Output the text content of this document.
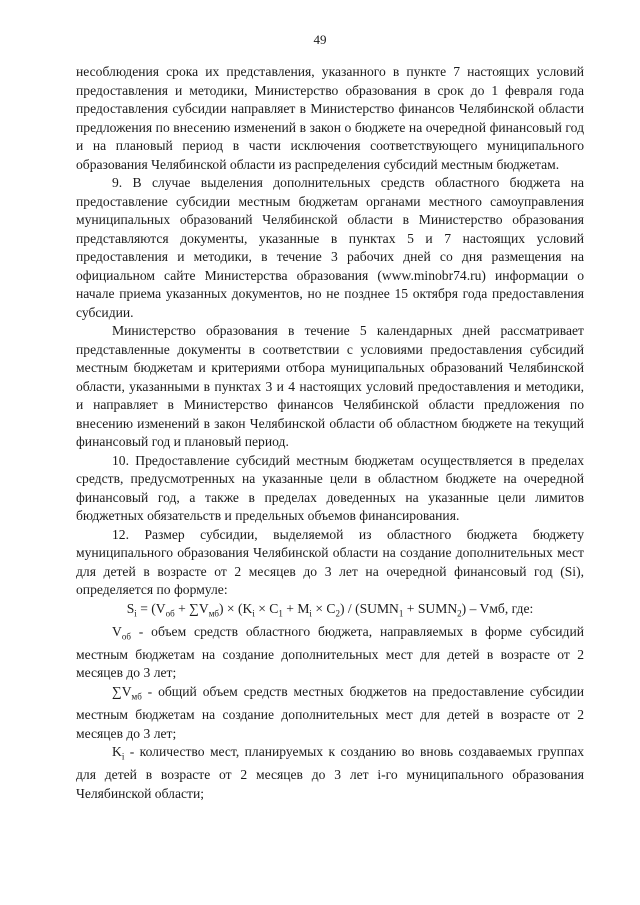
49

несоблюдения срока их представления, указанного в пункте 7 настоящих условий предоставления и методики, Министерство образования в срок до 1 февраля года предоставления субсидии направляет в Министерство финансов Челябинской области предложения по внесению изменений в закон о бюджете на очередной финансовый год и на плановый период в части исключения соответствующего муниципального образования Челябинской области из распределения субсидий местным бюджетам.

9. В случае выделения дополнительных средств областного бюджета на предоставление субсидии местным бюджетам органами местного самоуправления муниципальных образований Челябинской области в Министерство образования представляются документы, указанные в пунктах 5 и 7 настоящих условий предоставления и методики, в течение 3 рабочих дней со дня размещения на официальном сайте Министерства образования (www.minobr74.ru) информации о начале приема указанных документов, но не позднее 15 октября года предоставления субсидии.

Министерство образования в течение 5 календарных дней рассматривает представленные документы в соответствии с условиями предоставления субсидий местным бюджетам и критериями отбора муниципальных образований Челябинской области, указанными в пунктах 3 и 4 настоящих условий предоставления и методики, и направляет в Министерство финансов Челябинской области предложения по внесению изменений в закон Челябинской области об областном бюджете на текущий финансовый год и плановый период.

10. Предоставление субсидий местным бюджетам осуществляется в пределах средств, предусмотренных на указанные цели в областном бюджете на очередной финансовый год, а также в пределах доведенных на указанные цели лимитов бюджетных обязательств и предельных объемов финансирования.

12. Размер субсидии, выделяемой из областного бюджета бюджету муниципального образования Челябинской области на создание дополнительных мест для детей в возрасте от 2 месяцев до 3 лет на очередной финансовый год (Si), определяется по формуле:

$S_i = (V_{об} + \sum V_{мб}) \times (K_i \times C_1 + M_i \times C_2)$ / ($SUMN_1$ + $SUMN_2$) – Vмб, где:

$V_{об}$ - объем средств областного бюджета, направляемых в форме субсидий местным бюджетам на создание дополнительных мест для детей в возрасте от 2 месяцев до 3 лет;

$\sum V_{мб}$ - общий объем средств местных бюджетов на предоставление субсидии местным бюджетам на создание дополнительных мест для детей в возрасте от 2 месяцев до 3 лет;

$K_i$ - количество мест, планируемых к созданию во вновь создаваемых группах для детей в возрасте от 2 месяцев до 3 лет i-го муниципального образования Челябинской области;
